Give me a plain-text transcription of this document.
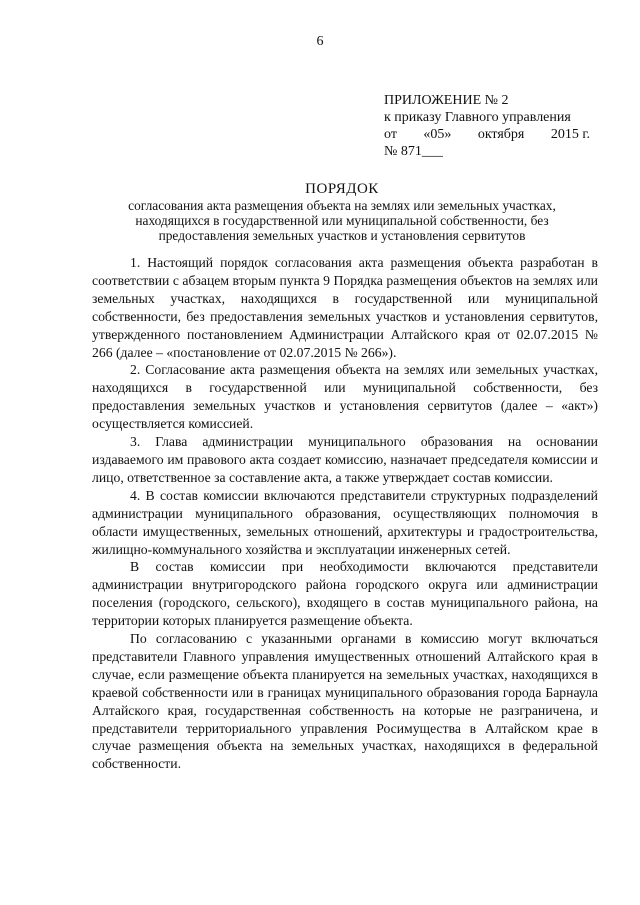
6
ПРИЛОЖЕНИЕ № 2
к приказу Главного управления
от «05» октября 2015 г.
№ 871___
ПОРЯДОК
согласования акта размещения объекта на землях или земельных участках, находящихся в государственной или муниципальной собственности, без предоставления земельных участков и установления сервитутов

1. Настоящий порядок согласования акта размещения объекта разработан в соответствии с абзацем вторым пункта 9 Порядка размещения объектов на землях или земельных участках, находящихся в государственной или муниципальной собственности, без предоставления земельных участков и установления сервитутов, утвержденного постановлением Администрации Алтайского края от 02.07.2015 № 266 (далее – «постановление от 02.07.2015 № 266»).

2. Согласование акта размещения объекта на землях или земельных участках, находящихся в государственной или муниципальной собственности, без предоставления земельных участков и установления сервитутов (далее – «акт») осуществляется комиссией.

3. Глава администрации муниципального образования на основании издаваемого им правового акта создает комиссию, назначает председателя комиссии и лицо, ответственное за составление акта, а также утверждает состав комиссии.

4. В состав комиссии включаются представители структурных подразделений администрации муниципального образования, осуществляющих полномочия в области имущественных, земельных отношений, архитектуры и градостроительства, жилищно-коммунального хозяйства и эксплуатации инженерных сетей.

В состав комиссии при необходимости включаются представители администрации внутригородского района городского округа или администрации поселения (городского, сельского), входящего в состав муниципального района, на территории которых планируется размещение объекта.

По согласованию с указанными органами в комиссию могут включаться представители Главного управления имущественных отношений Алтайского края в случае, если размещение объекта планируется на земельных участках, находящихся в краевой собственности или в границах муниципального образования города Барнаула Алтайского края, государственная собственность на которые не разграничена, и представители территориального управления Росимущества в Алтайском крае в случае размещения объекта на земельных участках, находящихся в федеральной собственности.
